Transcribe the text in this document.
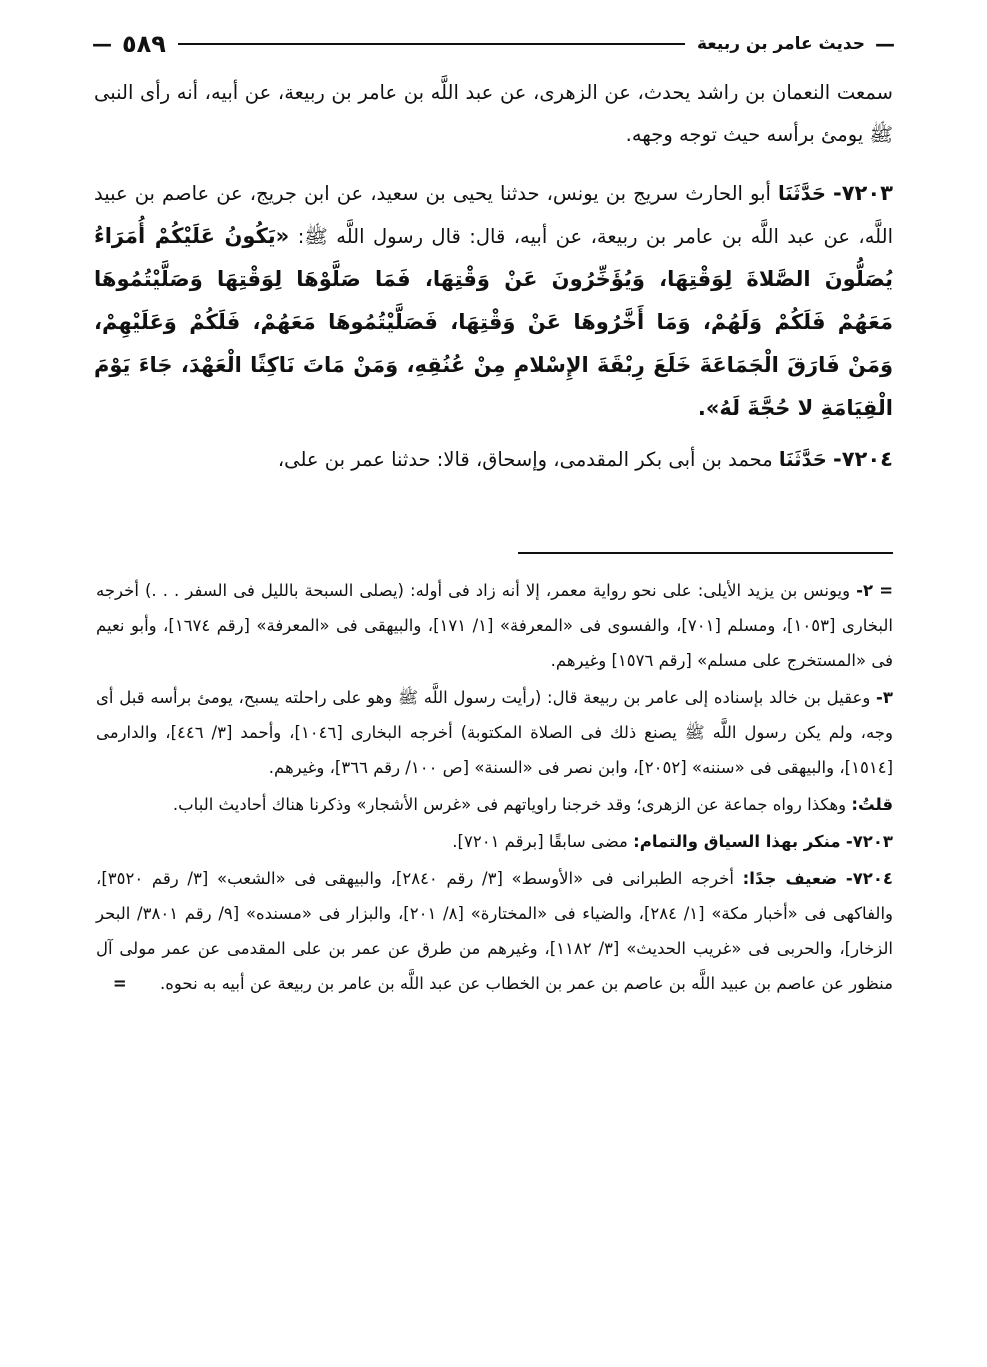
—
حديث عامر بن ربيعة
٥٨٩
—

سمعت النعمان بن راشد يحدث، عن الزهرى، عن عبد اللَّه بن عامر بن ربيعة، عن أبيه، أنه رأى النبى ﷺ يومئ برأسه حيث توجه وجهه.

٧٢٠٣- حَدَّثَنَا أبو الحارث سريج بن يونس، حدثنا يحيى بن سعيد، عن ابن جريج، عن عاصم بن عبيد اللَّه، عن عبد اللَّه بن عامر بن ربيعة، عن أبيه، قال: قال رسول اللَّه ﷺ: «يَكُونُ عَلَيْكُمْ أُمَرَاءُ يُصَلُّونَ الصَّلاةَ لِوَقْتِهَا، وَيُؤَخِّرُونَ عَنْ وَقْتِهَا، فَمَا صَلَّوْهَا لِوَقْتِهَا وَصَلَّيْتُمُوهَا مَعَهُمْ فَلَكُمْ وَلَهُمْ، وَمَا أَخَّرُوهَا عَنْ وَقْتِهَا، فَصَلَّيْتُمُوهَا مَعَهُمْ، فَلَكُمْ وَعَلَيْهِمْ، وَمَنْ فَارَقَ الْجَمَاعَةَ خَلَعَ رِبْقَةَ الإِسْلامِ مِنْ عُنُقِهِ، وَمَنْ مَاتَ نَاكِثًا الْعَهْدَ، جَاءَ يَوْمَ الْقِيَامَةِ لا حُجَّةَ لَهُ».

٧٢٠٤- حَدَّثَنَا محمد بن أبى بكر المقدمى، وإسحاق، قالا: حدثنا عمر بن على،

= ٢- ويونس بن يزيد الأيلى: على نحو رواية معمر، إلا أنه زاد فى أوله: (يصلى السبحة بالليل فى السفر . . .) أخرجه البخارى [١٠٥٣]، ومسلم [٧٠١]، والفسوى فى «المعرفة» [١/ ١٧١]، والبيهقى فى «المعرفة» [رقم ١٦٧٤]، وأبو نعيم فى «المستخرج على مسلم» [رقم ١٥٧٦] وغيرهم.

٣- وعقيل بن خالد بإسناده إلى عامر بن ربيعة قال: (رأيت رسول اللَّه ﷺ وهو على راحلته يسبح، يومئ برأسه قبل أى وجه، ولم يكن رسول اللَّه ﷺ يصنع ذلك فى الصلاة المكتوبة) أخرجه البخارى [١٠٤٦]، وأحمد [٣/ ٤٤٦]، والدارمى [١٥١٤]، والبيهقى فى «سننه» [٢٠٥٢]، وابن نصر فى «السنة» [ص ١٠٠/ رقم ٣٦٦]، وغيرهم.

قلتُ: وهكذا رواه جماعة عن الزهرى؛ وقد خرجنا راوياتهم فى «غرس الأشجار» وذكرنا هناك أحاديث الباب.

٧٢٠٣- منكر بهذا السياق والتمام: مضى سابقًا [برقم ٧٢٠١].

٧٢٠٤- ضعيف جدًا: أخرجه الطبرانى فى «الأوسط» [٣/ رقم ٢٨٤٠]، والبيهقى فى «الشعب» [٣/ رقم ٣٥٢٠]، والفاكهى فى «أخبار مكة» [١/ ٢٨٤]، والضياء فى «المختارة» [٨/ ٢٠١]، والبزار فى «مسنده» [٩/ رقم ٣٨٠١/ البحر الزخار]، والحربى فى «غريب الحديث» [٣/ ١١٨٢]، وغيرهم من طرق عن عمر بن على المقدمى عن عمر مولى آل منظور عن عاصم بن عبيد اللَّه بن عاصم بن عمر بن الخطاب عن عبد اللَّه بن عامر بن ربيعة عن أبيه به نحوه. =
